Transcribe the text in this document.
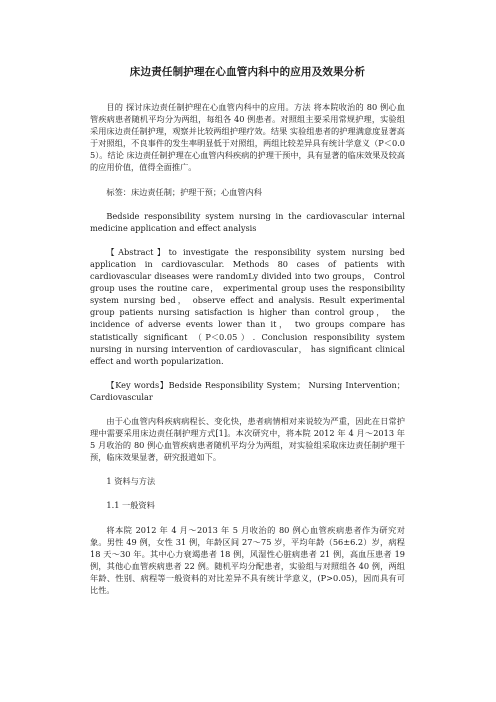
床边责任制护理在心血管内科中的应用及效果分析

目的 探讨床边责任制护理在心血管内科中的应用。方法 将本院收治的 80 例心血管疾病患者随机平均分为两组，每组各 40 例患者。对照组主要采用常规护理，实验组采用床边责任制护理，观察并比较两组护理疗效。结果 实验组患者的护理满意度显著高于对照组，不良事件的发生率明显低于对照组，两组比较差异具有统计学意义（P＜0.05）。结论 床边责任制护理在心血管内科疾病的护理干预中，具有显著的临床效果及较高的应用价值，值得全面推广。

标签：床边责任制；护理干预；心血管内科

Bedside responsibility system nursing in the cardiovascular internal medicine application and effect analysis

【Abstract】to investigate the responsibility system nursing bed application in cardiovascular. Methods 80 cases of patients with cardiovascular diseases were randomLy divided into two groups， Control group uses the routine care， experimental group uses the responsibility system nursing bed， observe effect and analysis. Result experimental group patients nursing satisfaction is higher than control group， the incidence of adverse events lower than it， two groups compare has statistically significant （P＜0.05）. Conclusion responsibility system nursing in nursing intervention of cardiovascular， has significant clinical effect and worth popularization.

【Key words】Bedside Responsibility System； Nursing Intervention； Cardiovascular

由于心血管内科疾病病程长、变化快，患者病情相对来说较为严重，因此在日常护理中需要采用床边责任制护理方式[1]。本次研究中，将本院 2012 年 4 月～2013 年 5 月收治的 80 例心血管疾病患者随机平均分为两组，对实验组采取床边责任制护理干预，临床效果显著，研究报道如下。

1 资料与方法

1.1 一般资料

将本院 2012 年 4 月～2013 年 5 月收治的 80 例心血管疾病患者作为研究对象。男性 49 例，女性 31 例，年龄区间 27～75 岁，平均年龄（56±6.2）岁，病程 18 天～30 年。其中心力衰竭患者 18 例，风湿性心脏病患者 21 例，高血压患者 19 例，其他心血管疾病患者 22 例。随机平均分配患者，实验组与对照组各 40 例，两组年龄、性别、病程等一般资料的对比差异不具有统计学意义，(P>0.05)，因而具有可比性。
